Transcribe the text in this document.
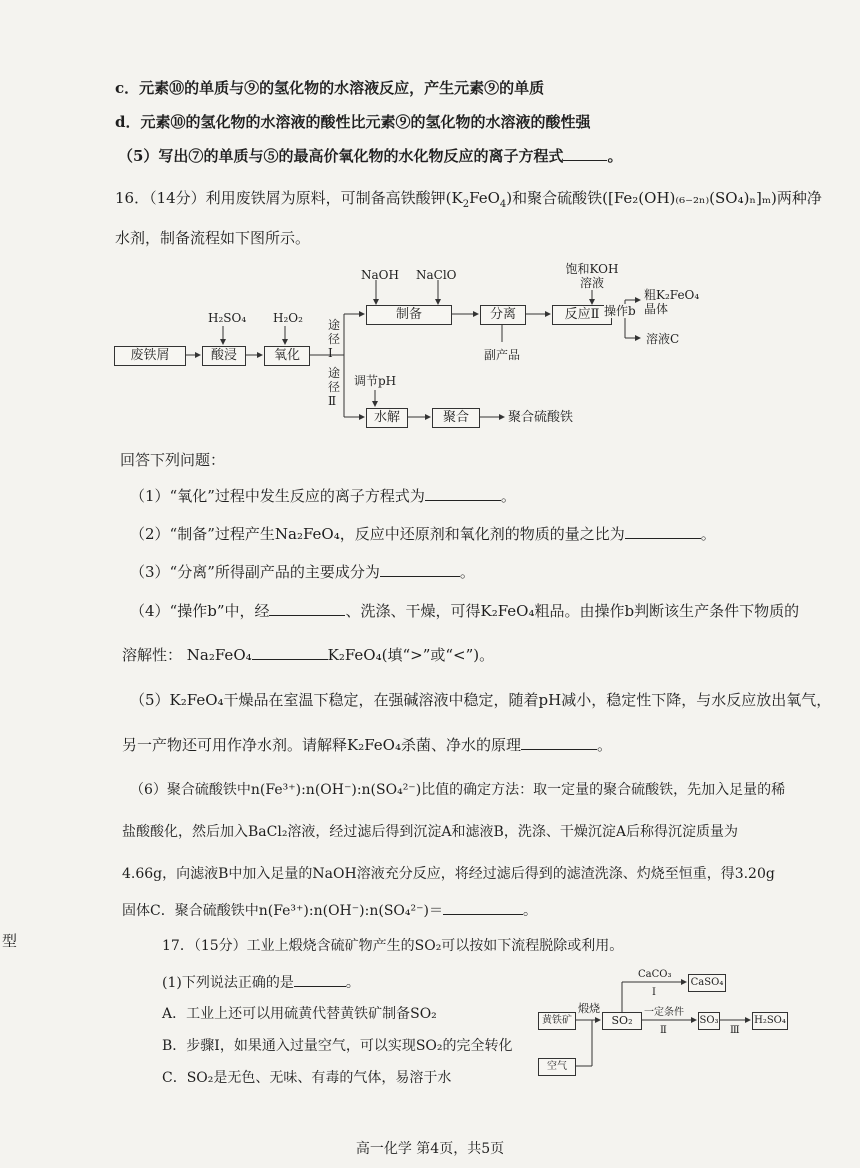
c．元素⑩的单质与⑨的氢化物的水溶液反应，产生元素⑨的单质
d．元素⑩的氢化物的水溶液的酸性比元素⑨的氢化物的水溶液的酸性强
（5）写出⑦的单质与⑤的最高价氧化物的水化物反应的离子方程式	。
16．（14分）利用废铁屑为原料，可制备高铁酸钾$(K_2FeO_4)$和聚合硫酸铁([Fe₂(OH)₍₆₋₂ₙ₎(SO₄)ₙ]ₘ)两种净
水剂，制备流程如下图所示。
废铁屑	酸浸	氧化
H₂SO₄ H₂O₂ 途径Ⅰ
途径Ⅱ
NaOH NaClO
制备	分离
副产品
饱和KOH溶液
反应Ⅱ 操作b
粗K₂FeO₄晶体
溶液C
调节pH
水解	聚合	聚合硫酸铁
回答下列问题：
（1）“氧化”过程中发生反应的离子方程式为	。
（2）“制备”过程产生Na₂FeO₄，反应中还原剂和氧化剂的物质的量之比为	。
（3）“分离”所得副产品的主要成分为	。
（4）“操作b”中，经	、洗涤、干燥，可得K₂FeO₄粗品。由操作b判断该生产条件下物质的
溶解性： Na₂FeO₄	K₂FeO₄(填“>”或“<”)。
（5）K₂FeO₄干燥品在室温下稳定，在强碱溶液中稳定，随着pH减小，稳定性下降，与水反应放出氧气，
另一产物还可用作净水剂。请解释K₂FeO₄杀菌、净水的原理	。
（6）聚合硫酸铁中n(Fe³⁺):n(OH⁻):n(SO₄²⁻)比值的确定方法：取一定量的聚合硫酸铁，先加入足量的稀
盐酸酸化，然后加入BaCl₂溶液，经过滤后得到沉淀A和滤液B，洗涤、干燥沉淀A后称得沉淀质量为
4.66g，向滤液B中加入足量的NaOH溶液充分反应，将经过滤后得到的滤渣洗涤、灼烧至恒重，得3.20g
固体C．聚合硫酸铁中n(Fe³⁺):n(OH⁻):n(SO₄²⁻)＝	。
型	17．（15分）工业上煅烧含硫矿物产生的SO₂可以按如下流程脱除或利用。
(1)下列说法正确的是	。
A．工业上还可以用硫黄代替黄铁矿制备SO₂
B．步骤Ⅰ，如果通入过量空气，可以实现SO₂的完全转化
C．SO₂是无色、无味、有毒的气体，易溶于水
黄铁矿
煅烧
SO₂
CaCO₃
Ⅰ
CaSO₄
一定条件
Ⅱ
SO₃
Ⅲ
H₂SO₄
空气
高一化学 第4页，共5页
